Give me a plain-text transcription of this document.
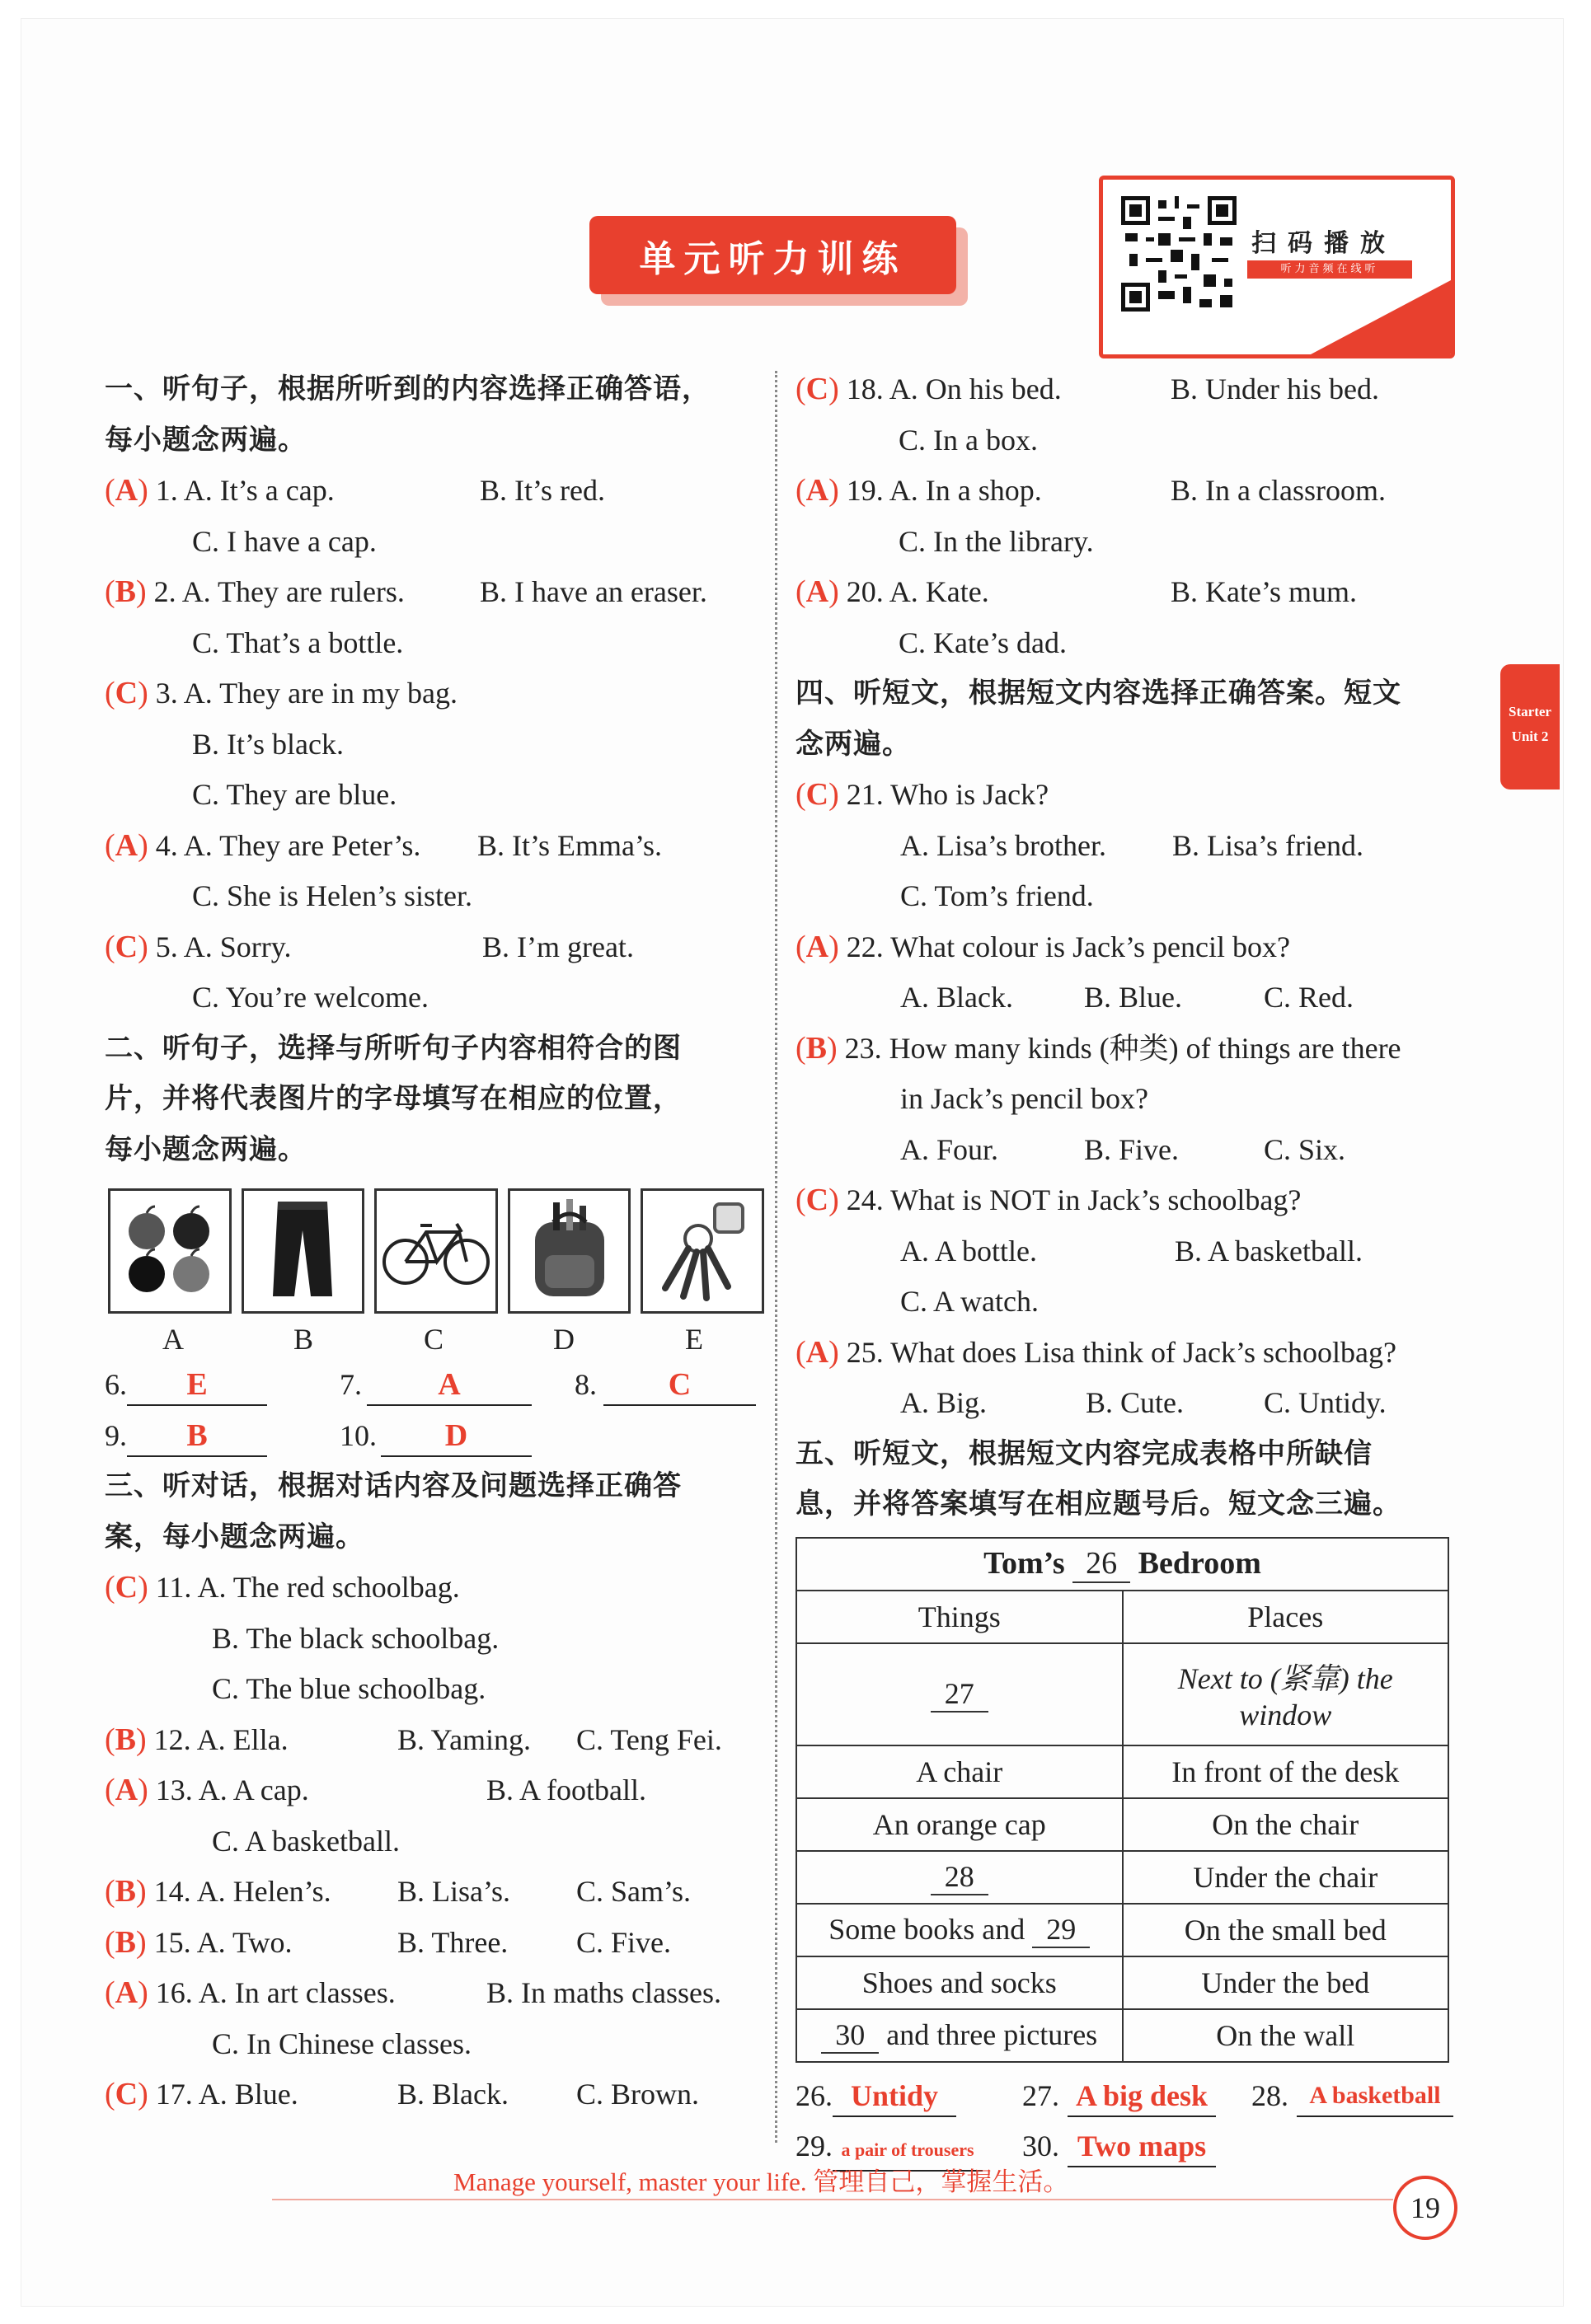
单元听力训练	扫码播放
听力音频在线听
Starter
Unit 2
一、听句子，根据所听到的内容选择正确答语，
每小题念两遍。
(A) 1. A. It’s a cap.	B. It’s red.
C. I have a cap.
(B) 2. A. They are rulers.	B. I have an eraser.
C. That’s a bottle.
(C) 3. A. They are in my bag.
B. It’s black.
C. They are blue.
(A) 4. A. They are Peter’s. B. It’s Emma’s.
C. She is Helen’s sister.
(C) 5. A. Sorry.	B. I’m great.
C. You’re welcome.
二、听句子，选择与所听句子内容相符合的图
片，并将代表图片的字母填写在相应的位置，
每小题念两遍。
A	B	C	D	E
6. E	7.	A	8.	C
9. B	10.	D
三、听对话，根据对话内容及问题选择正确答
案，每小题念两遍。
(C) 11. A. The red schoolbag.
B. The black schoolbag.
C. The blue schoolbag.
(B) 12. A. Ella.	B. Yaming. C. Teng Fei.
(A) 13. A. A cap.	B. A football.
C. A basketball.
(B) 14. A. Helen’s. B. Lisa’s. C. Sam’s.
(B) 15. A. Two.	B. Three. C. Five.
(A) 16. A. In art classes.	B. In maths classes.
C. In Chinese classes.
(C) 17. A. Blue.	B. Black. C. Brown.
(C) 18. A. On his bed.	B. Under his bed.
C. In a box.
(A) 19. A. In a shop.	B. In a classroom.
C. In the library.
(A) 20. A. Kate.	B. Kate’s mum.
C. Kate’s dad.
四、听短文，根据短文内容选择正确答案。短文
念两遍。
(C) 21. Who is Jack?
A. Lisa’s brother. B. Lisa’s friend.
C. Tom’s friend.
(A) 22. What colour is Jack’s pencil box?
A. Black. B. Blue.	C. Red.
(B) 23. How many kinds (种类) of things are there
in Jack’s pencil box?
A. Four.	B. Five.	C. Six.
(C) 24. What is NOT in Jack’s schoolbag?
A. A bottle.	B. A basketball.
C. A watch.
(A) 25. What does Lisa think of Jack’s schoolbag?
A. Big.	B. Cute.	C. Untidy.
五、听短文，根据短文内容完成表格中所缺信
息，并将答案填写在相应题号后。短文念三遍。
Tom’s 26 Bedroom	
Things	Places
27	Next to (紧靠) the window
A chair	In front of the desk
An orange cap	On the chair
28	Under the chair
Some books and 29	On the small bed
Shoes and socks	Under the bed
30 and three pictures	On the wall
26. Untidy	27. A big desk 28. A basketball
29. a pair of trousers 30. Two maps
Manage yourself, master your life. 管理自己，掌握生活。
19
